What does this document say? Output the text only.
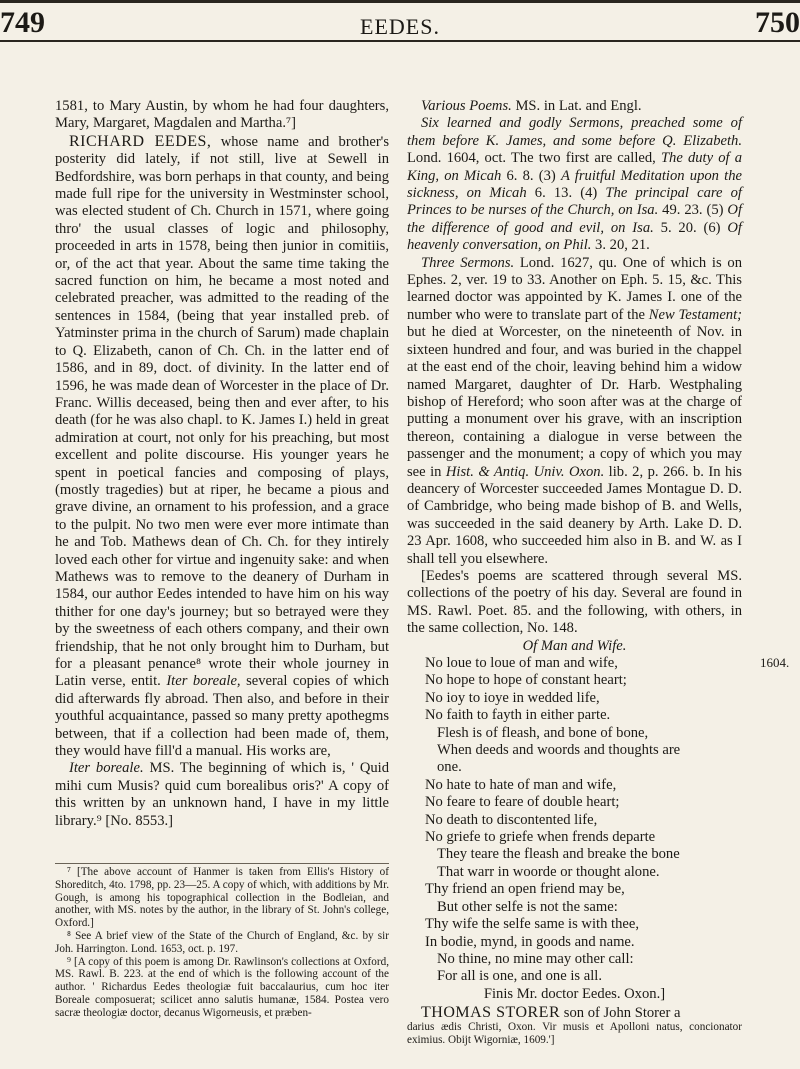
749	EEDES.	750

1581, to Mary Austin, by whom he had four daughters, Mary, Margaret, Magdalen and Martha.⁷]

RICHARD EEDES, whose name and brother's posterity did lately, if not still, live at Sewell in Bedfordshire, was born perhaps in that county, and being made full ripe for the university in Westminster school, was elected student of Ch. Church in 1571, where going thro' the usual classes of logic and philosophy, proceeded in arts in 1578, being then junior in comitiis, or, of the act that year. About the same time taking the sacred function on him, he became a most noted and celebrated preacher, was admitted to the reading of the sentences in 1584, (being that year installed preb. of Yatminster prima in the church of Sarum) made chaplain to Q. Elizabeth, canon of Ch. Ch. in the latter end of 1586, and in 89, doct. of divinity. In the latter end of 1596, he was made dean of Worcester in the place of Dr. Franc. Willis deceased, being then and ever after, to his death (for he was also chapl. to K. James I.) held in great admiration at court, not only for his preaching, but most excellent and polite discourse. His younger years he spent in poetical fancies and composing of plays, (mostly tragedies) but at riper, he became a pious and grave divine, an ornament to his profession, and a grace to the pulpit. No two men were ever more intimate than he and Tob. Mathews dean of Ch. Ch. for they intirely loved each other for virtue and ingenuity sake: and when Mathews was to remove to the deanery of Durham in 1584, our author Eedes intended to have him on his way thither for one day's journey; but so betrayed were they by the sweetness of each others company, and their own friendship, that he not only brought him to Durham, but for a pleasant penance⁸ wrote their whole journey in Latin verse, entit. Iter boreale, several copies of which did afterwards fly abroad. Then also, and before in their youthful acquaintance, passed so many pretty apothegms between, that if a collection had been made of, them, they would have fill'd a manual. His works are,

Iter boreale. MS. The beginning of which is, ' Quid mihi cum Musis? quid cum borealibus oris?' A copy of this written by an unknown hand, I have in my little library.⁹ [No. 8553.]

⁷ [The above account of Hanmer is taken from Ellis's History of Shoreditch, 4to. 1798, pp. 23—25. A copy of which, with additions by Mr. Gough, is among his topographical collection in the Bodleian, and another, with MS. notes by the author, in the library of St. John's college, Oxford.]

⁸ See A brief view of the State of the Church of England, &c. by sir Joh. Harrington. Lond. 1653, oct. p. 197.

⁹ [A copy of this poem is among Dr. Rawlinson's collections at Oxford, MS. Rawl. B. 223. at the end of which is the following account of the author. ' Richardus Eedes theologiæ fuit baccalaurius, cum hoc iter Boreale composuerat; scilicet anno salutis humanæ, 1584. Postea vero sacræ theologiæ doctor, decanus Wigorneusis, et præben-

Various Poems. MS. in Lat. and Engl.

Six learned and godly Sermons, preached some of them before K. James, and some before Q. Elizabeth. Lond. 1604, oct. The two first are called, The duty of a King, on Micah 6. 8. (3) A fruitful Meditation upon the sickness, on Micah 6. 13. (4) The principal care of Princes to be nurses of the Church, on Isa. 49. 23. (5) Of the difference of good and evil, on Isa. 5. 20. (6) Of heavenly conversation, on Phil. 3. 20, 21.

Three Sermons. Lond. 1627, qu. One of which is on Ephes. 2, ver. 19 to 33. Another on Eph. 5. 15, &c. This learned doctor was appointed by K. James I. one of the number who were to translate part of the New Testament; but he died at Worcester, on the nineteenth of Nov. in sixteen hundred and four, and was buried in the chappel at the east end of the choir, leaving behind him a widow named Margaret, daughter of Dr. Harb. Westphaling bishop of Hereford; who soon after was at the charge of putting a monument over his grave, with an inscription thereon, containing a dialogue in verse between the passenger and the monument; a copy of which you may see in Hist. & Antiq. Univ. Oxon. lib. 2, p. 266. b. In his deancery of Worcester succeeded James Montague D. D. of Cambridge, who being made bishop of B. and Wells, was succeeded in the said deanery by Arth. Lake D. D. 23 Apr. 1608, who succeeded him also in B. and W. as I shall tell you elsewhere.

[Eedes's poems are scattered through several MS. collections of the poetry of his day. Several are found in MS. Rawl. Poet. 85. and the following, with others, in the same collection, No. 148.

Of Man and Wife.

No loue to loue of man and wife,

No hope to hope of constant heart;

No ioy to ioye in wedded life,

No faith to fayth in either parte.

Flesh is of fleash, and bone of bone,

When deeds and woords and thoughts are

one.

No hate to hate of man and wife,

No feare to feare of double heart;

No death to discontented life,

No griefe to griefe when frends departe

They teare the fleash and breake the bone

That warr in woorde or thought alone.

Thy friend an open friend may be,

But other selfe is not the same:

Thy wife the selfe same is with thee,

In bodie, mynd, in goods and name.

No thine, no mine may other call:

For all is one, and one is all.

Finis Mr. doctor Eedes. Oxon.]

THOMAS STORER son of John Storer a

darius ædis Christi, Oxon. Vir musis et Apolloni natus, concionator eximius. Obijt Wigorniæ, 1609.']

1604.
